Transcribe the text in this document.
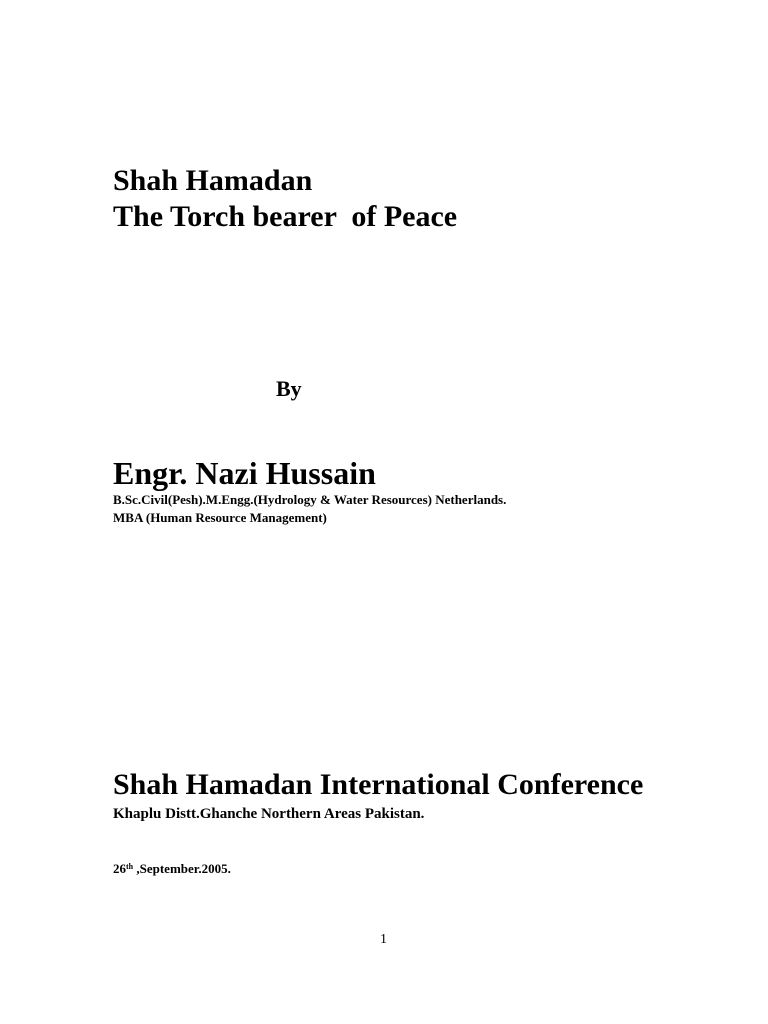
Shah Hamadan
The Torch bearer  of Peace
By
Engr. Nazi Hussain
B.Sc.Civil(Pesh).M.Engg.(Hydrology & Water Resources) Netherlands.
MBA (Human Resource Management)
Shah Hamadan International Conference
Khaplu Distt.Ghanche Northern Areas Pakistan.
26th ,September.2005.
1
